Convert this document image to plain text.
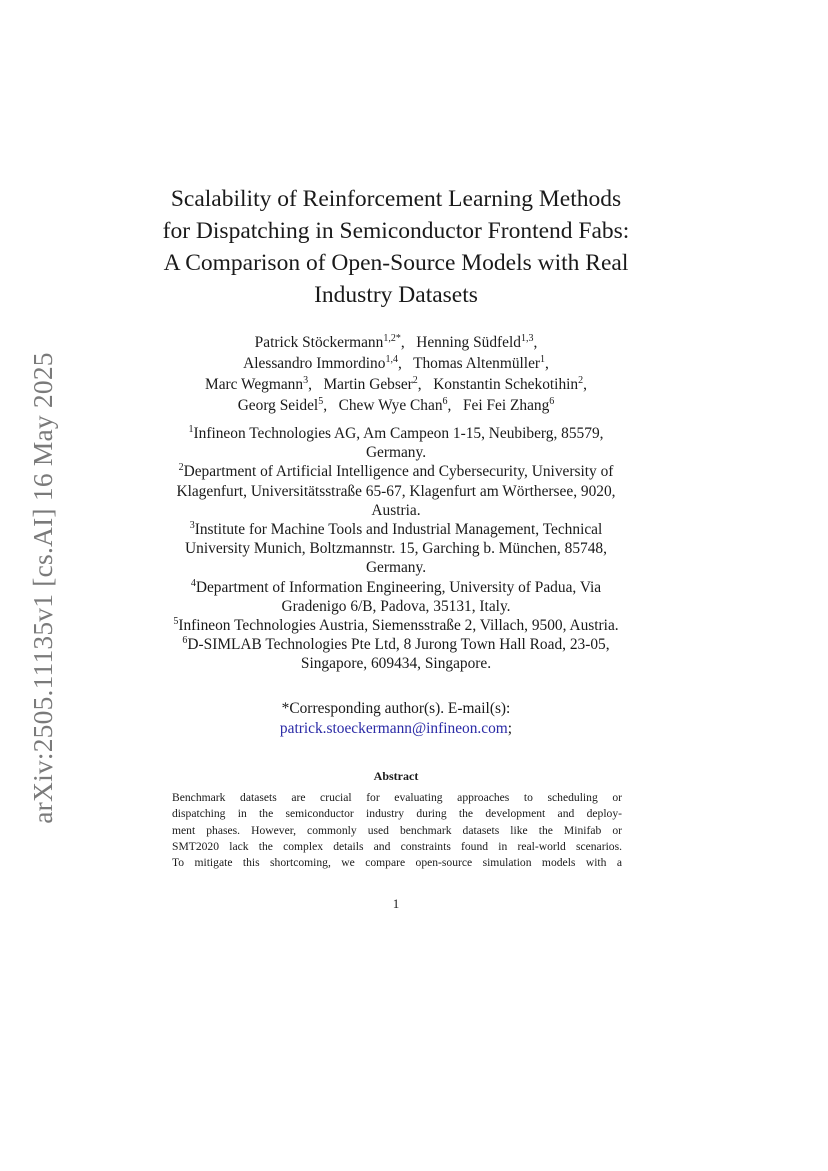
arXiv:2505.11135v1 [cs.AI] 16 May 2025
Scalability of Reinforcement Learning Methods
for Dispatching in Semiconductor Frontend Fabs:
A Comparison of Open-Source Models with Real
Industry Datasets
Patrick Stöckermann$^{1,2*}$,   Henning Südfeld$^{1,3}$,
Alessandro Immordino$^{1,4}$,   Thomas Altenmüller$^1$,
Marc Wegmann$^3$,   Martin Gebser$^2$,   Konstantin Schekotihin$^2$,
Georg Seidel$^5$,   Chew Wye Chan$^6$,   Fei Fei Zhang$^6$
$^1$Infineon Technologies AG, Am Campeon 1-15, Neubiberg, 85579,
Germany.
$^2$Department of Artificial Intelligence and Cybersecurity, University of
Klagenfurt, Universitätsstraße 65-67, Klagenfurt am Wörthersee, 9020,
Austria.
$^3$Institute for Machine Tools and Industrial Management, Technical
University Munich, Boltzmannstr. 15, Garching b. München, 85748,
Germany.
$^4$Department of Information Engineering, University of Padua, Via
Gradenigo 6/B, Padova, 35131, Italy.
$^5$Infineon Technologies Austria, Siemensstraße 2, Villach, 9500, Austria.
$^6$D-SIMLAB Technologies Pte Ltd, 8 Jurong Town Hall Road, 23-05,
Singapore, 609434, Singapore.
*Corresponding author(s). E-mail(s):
patrick.stoeckermann@infineon.com;
Abstract
Benchmark datasets are crucial for evaluating approaches to scheduling or
dispatching in the semiconductor industry during the development and deploy-
ment phases. However, commonly used benchmark datasets like the Minifab or
SMT2020 lack the complex details and constraints found in real-world scenarios.
To mitigate this shortcoming, we compare open-source simulation models with a
1
